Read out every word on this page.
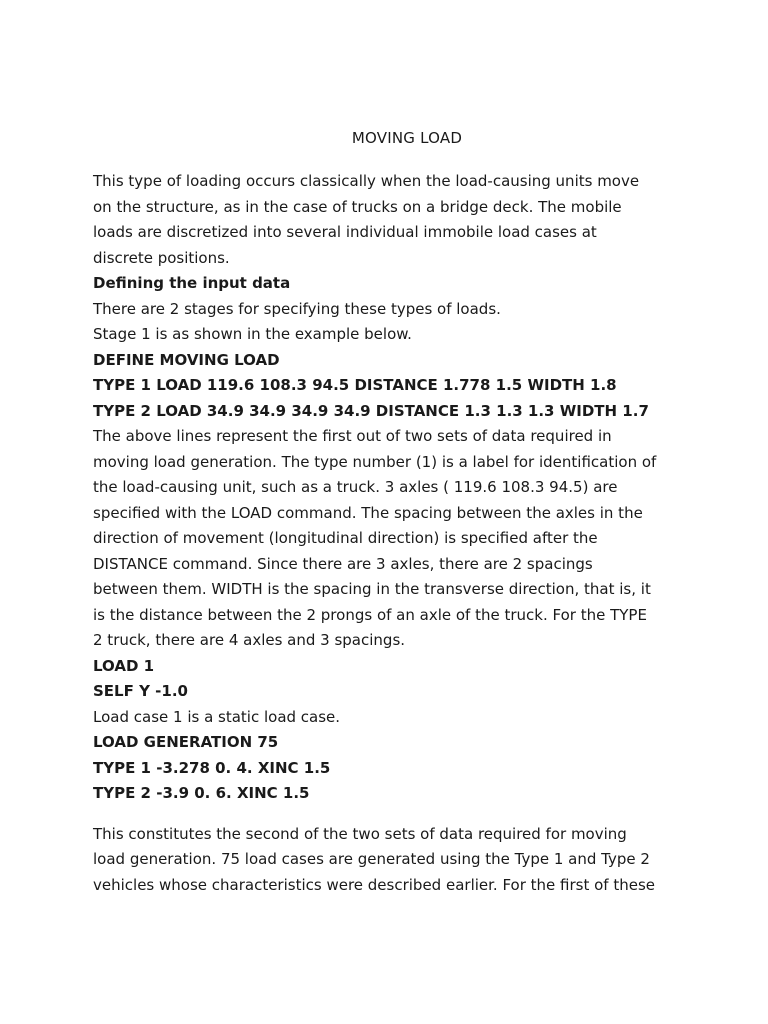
MOVING LOAD

This type of loading occurs classically when the load-causing units move

on the structure, as in the case of trucks on a bridge deck. The mobile

loads are discretized into several individual immobile load cases at

discrete positions.

Defining the input data

There are 2 stages for specifying these types of loads.

Stage 1 is as shown in the example below.

DEFINE MOVING LOAD

TYPE 1 LOAD 119.6 108.3 94.5 DISTANCE 1.778 1.5 WIDTH 1.8

TYPE 2 LOAD 34.9 34.9 34.9 34.9 DISTANCE 1.3 1.3 1.3 WIDTH 1.7

The above lines represent the first out of two sets of data required in

moving load generation. The type number (1) is a label for identification of

the load-causing unit, such as a truck. 3 axles ( 119.6 108.3 94.5) are

specified with the LOAD command. The spacing between the axles in the

direction of movement (longitudinal direction) is specified after the

DISTANCE command. Since there are 3 axles, there are 2 spacings

between them. WIDTH is the spacing in the transverse direction, that is, it

is the distance between the 2 prongs of an axle of the truck. For the TYPE

2 truck, there are 4 axles and 3 spacings.

LOAD 1

SELF Y -1.0

Load case 1 is a static load case.

LOAD GENERATION 75

TYPE 1 -3.278 0. 4. XINC 1.5

TYPE 2 -3.9 0. 6. XINC 1.5

This constitutes the second of the two sets of data required for moving

load generation. 75 load cases are generated using the Type 1 and Type 2

vehicles whose characteristics were described earlier. For the first of these
